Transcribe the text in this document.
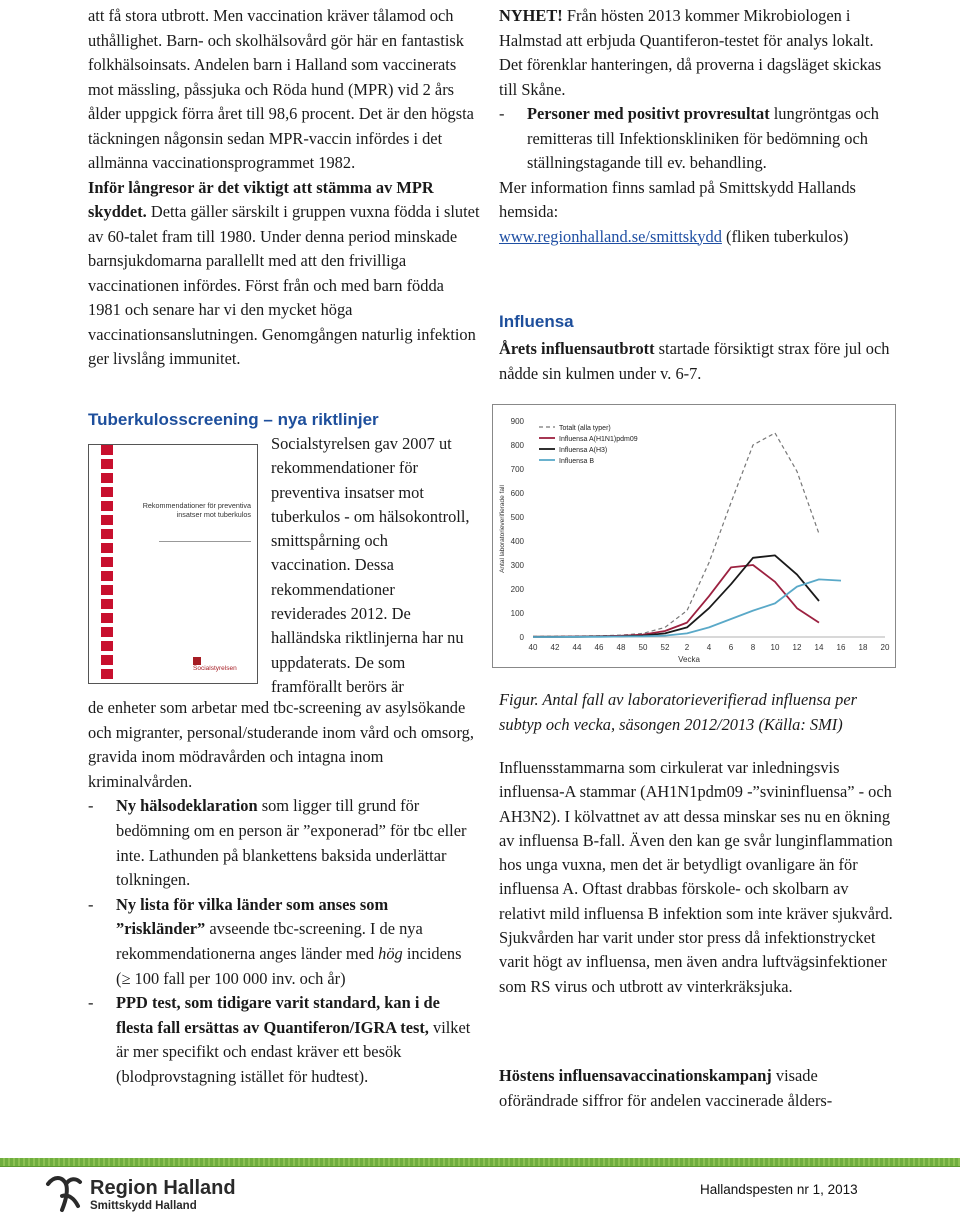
att få stora utbrott. Men vaccination kräver tålamod och uthållighet. Barn- och skolhälsovård gör här en fantastisk folkhälsoinsats. Andelen barn i Halland som vaccinerats mot mässling, påssjuka och Röda hund (MPR) vid 2 års ålder uppgick förra året till 98,6 procent. Det är den högsta täckningen någonsin sedan MPR-vaccin infördes i det allmänna vaccinationsprogrammet 1982.

Inför långresor är det viktigt att stämma av MPR skyddet. Detta gäller särskilt i gruppen vuxna födda i slutet av 60-talet fram till 1980. Under denna period minskade barnsjukdomarna parallellt med att den frivilliga vaccinationen infördes. Först från och med barn födda 1981 och senare har vi den mycket höga vaccinationsanslutningen. Genomgången naturlig infektion ger livslång immunitet.

NYHET! Från hösten 2013 kommer Mikrobiologen i Halmstad att erbjuda Quantiferon-testet för analys lokalt. Det förenklar hanteringen, då proverna i dagsläget skickas till Skåne.

- Personer med positivt provresultat lungröntgas och remitteras till Infektionskliniken för bedömning och ställningstagande till ev. behandling.

Mer information finns samlad på Smittskydd Hallands hemsida:
www.regionhalland.se/smittskydd (fliken tuberkulos)

Influensa

Årets influensautbrott startade försiktigt strax före jul och nådde sin kulmen under v. 6-7.

Tuberkulosscreening – nya riktlinjer
Rekommendationer för preventiva insatser mot tuberkulos
Socialstyrelsen
Socialstyrelsen gav 2007 ut rekommendationer för preventiva insatser mot tuberkulos - om hälsokontroll, smittspårning och vaccination. Dessa rekommendationer reviderades 2012. De halländska riktlinjerna har nu uppdaterats. De som framförallt berörs är

de enheter som arbetar med tbc-screening av asylsökande och migranter, personal/studerande inom vård och omsorg, gravida inom mödravården och intagna inom kriminalvården.

- Ny hälsodeklaration som ligger till grund för bedömning om en person är ”exponerad” för tbc eller inte. Lathunden på blankettens baksida underlättar tolkningen.

- Ny lista för vilka länder som anses som ”riskländer” avseende tbc-screening. I de nya rekommendationerna anges länder med hög incidens (≥ 100 fall per 100 000 inv. och år)

- PPD test, som tidigare varit standard, kan i de flesta fall ersättas av Quantiferon/IGRA test, vilket är mer specifikt och endast kräver ett besök (blodprovstagning istället för hudtest).

0
100
200
300
400
500
600
700
800
900
40 42 44 46 48 50 52 2 4 6 8 10 12 14 16 18 20
Vecka
Antal laboratorieverifierade fall
Totalt (alla typer)
Influensa A(H1N1)pdm09
Influensa A(H3)
Influensa B
Figur. Antal fall av laboratorieverifierad influensa per subtyp och vecka, säsongen 2012/2013 (Källa: SMI)

Influensstammarna som cirkulerat var inledningsvis influensa-A stammar (AH1N1pdm09 -”svininfluensa” - och AH3N2). I kölvattnet av att dessa minskar ses nu en ökning av influensa B-fall. Även den kan ge svår lunginflammation hos unga vuxna, men det är betydligt ovanligare än för influensa A. Oftast drabbas förskole- och skolbarn av relativt mild influensa B infektion som inte kräver sjukvård. Sjukvården har varit under stor press då infektionstrycket varit högt av influensa, men även andra luftvägsinfektioner som RS virus och utbrott av vinterkräksjuka.

Höstens influensavaccinationskampanj visade oförändrade siffror för andelen vaccinerade ålders-

Region Halland
Smittskydd Halland
Hallandspesten nr 1, 2013
